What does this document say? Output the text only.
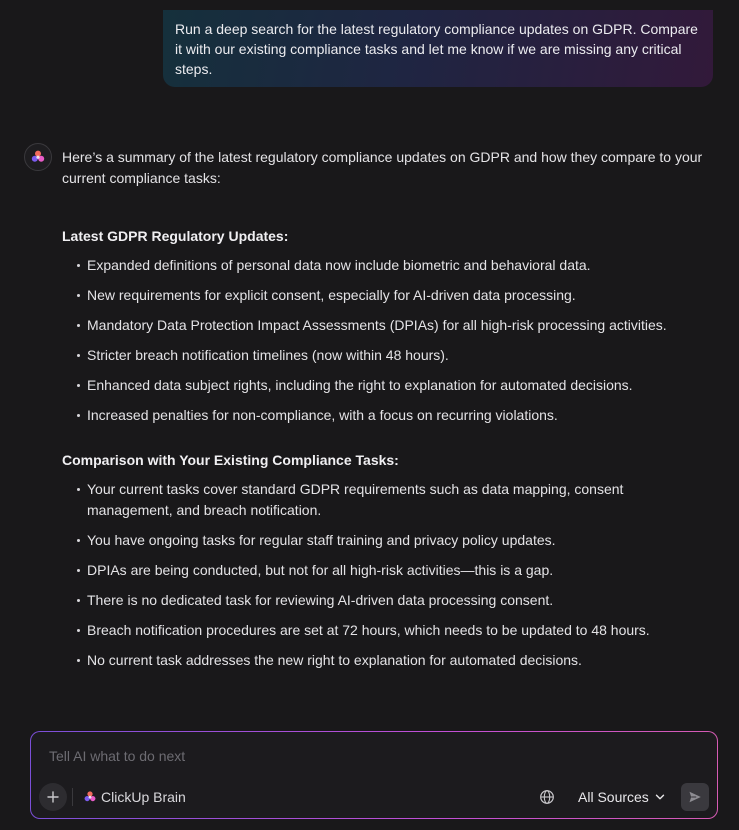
Run a deep search for the latest regulatory compliance updates on GDPR. Compare it with our existing compliance tasks and let me know if we are missing any critical steps.

Here’s a summary of the latest regulatory compliance updates on GDPR and how they compare to your current compliance tasks:

Latest GDPR Regulatory Updates:
Expanded definitions of personal data now include biometric and behavioral data.
New requirements for explicit consent, especially for AI-driven data processing.
Mandatory Data Protection Impact Assessments (DPIAs) for all high-risk processing activities.
Stricter breach notification timelines (now within 48 hours).
Enhanced data subject rights, including the right to explanation for automated decisions.
Increased penalties for non-compliance, with a focus on recurring violations.
Comparison with Your Existing Compliance Tasks:
Your current tasks cover standard GDPR requirements such as data mapping, consent management, and breach notification.
You have ongoing tasks for regular staff training and privacy policy updates.
DPIAs are being conducted, but not for all high-risk activities—this is a gap.
There is no dedicated task for reviewing AI-driven data processing consent.
Breach notification procedures are set at 72 hours, which needs to be updated to 48 hours.
No current task addresses the new right to explanation for automated decisions.
Tell AI what to do next
ClickUp Brain	All Sources
